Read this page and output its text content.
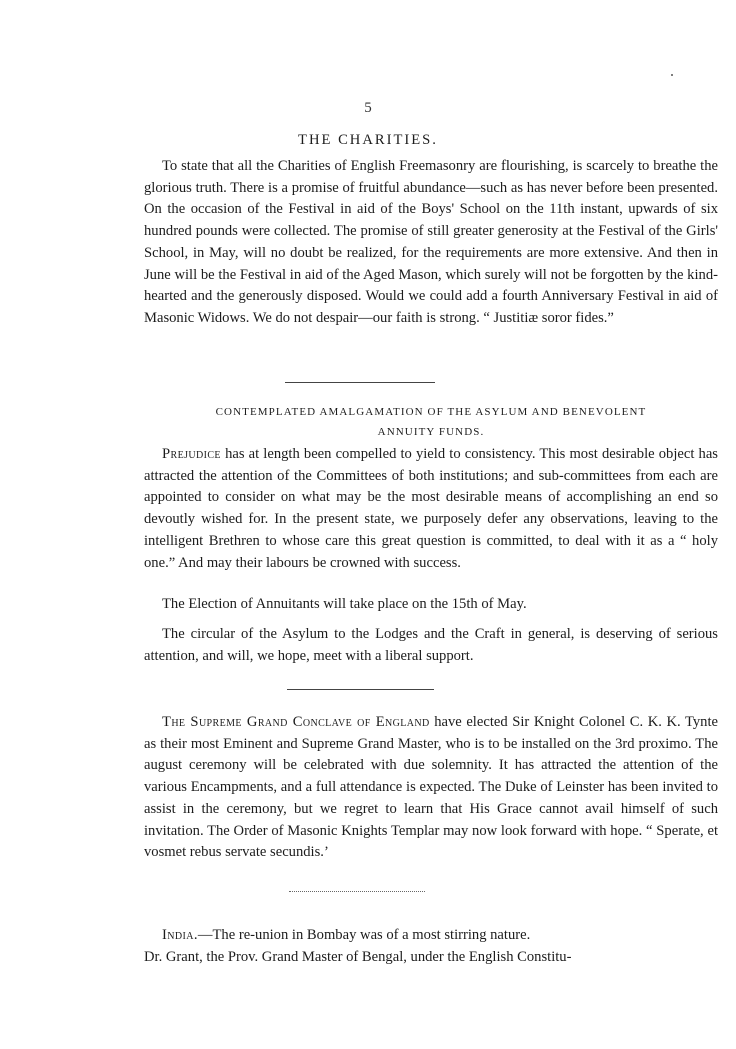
5
THE CHARITIES.

To state that all the Charities of English Freemasonry are flourishing, is scarcely to breathe the glorious truth. There is a promise of fruitful abundance—such as has never before been presented. On the occasion of the Festival in aid of the Boys' School on the 11th instant, upwards of six hundred pounds were collected. The promise of still greater generosity at the Festival of the Girls' School, in May, will no doubt be realized, for the requirements are more extensive. And then in June will be the Festival in aid of the Aged Mason, which surely will not be forgotten by the kind-hearted and the generously disposed. Would we could add a fourth Anniversary Festival in aid of Masonic Widows. We do not despair—our faith is strong. “ Justitiæ soror fides.”

CONTEMPLATED AMALGAMATION OF THE ASYLUM AND BENEVOLENT
ANNUITY FUNDS.

Prejudice has at length been compelled to yield to consistency. This most desirable object has attracted the attention of the Committees of both institutions; and sub-committees from each are appointed to consider on what may be the most desirable means of accomplishing an end so devoutly wished for. In the present state, we purposely defer any observations, leaving to the intelligent Brethren to whose care this great question is committed, to deal with it as a “ holy one.” And may their labours be crowned with success.

The Election of Annuitants will take place on the 15th of May.

The circular of the Asylum to the Lodges and the Craft in general, is deserving of serious attention, and will, we hope, meet with a liberal support.

The Supreme Grand Conclave of England have elected Sir Knight Colonel C. K. K. Tynte as their most Eminent and Supreme Grand Master, who is to be installed on the 3rd proximo. The august ceremony will be celebrated with due solemnity. It has attracted the attention of the various Encampments, and a full attendance is expected. The Duke of Leinster has been invited to assist in the ceremony, but we regret to learn that His Grace cannot avail himself of such invitation. The Order of Masonic Knights Templar may now look forward with hope. “ Sperate, et vosmet rebus servate secundis.’

India.—The re-union in Bombay was of a most stirring nature.

Dr. Grant, the Prov. Grand Master of Bengal, under the English Constitu-
